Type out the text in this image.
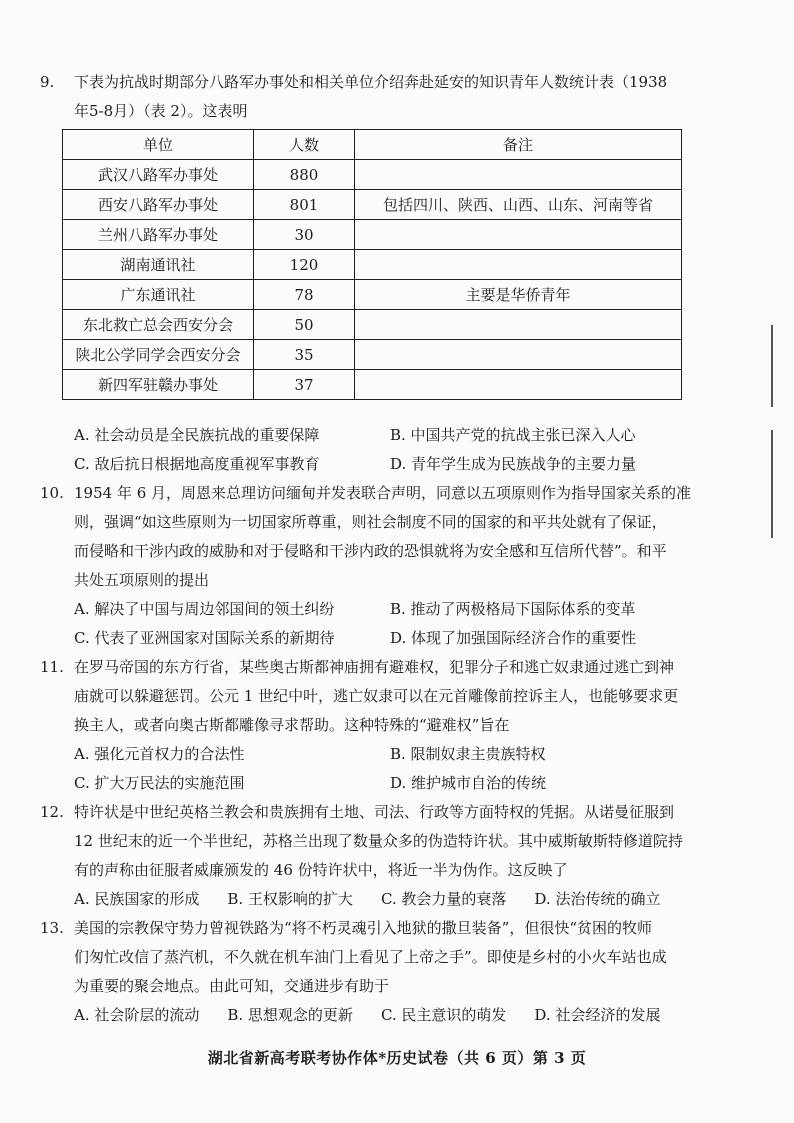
9. 下表为抗战时期部分八路军办事处和相关单位介绍奔赴延安的知识青年人数统计表（1938

年5-8月）（表 2）。这表明

单位	人数	备注
武汉八路军办事处	880	
西安八路军办事处	801	包括四川、陕西、山西、山东、河南等省
兰州八路军办事处	30	
湖南通讯社	120	
广东通讯社	78	主要是华侨青年
东北救亡总会西安分会	50	
陕北公学同学会西安分会	35	
新四军驻赣办事处	37	
A. 社会动员是全民族抗战的重要保障	B. 中国共产党的抗战主张已深入人心
C. 敌后抗日根据地高度重视军事教育	D. 青年学生成为民族战争的主要力量
10. 1954 年 6 月，周恩来总理访问缅甸并发表联合声明，同意以五项原则作为指导国家关系的准

则，强调“如这些原则为一切国家所尊重，则社会制度不同的国家的和平共处就有了保证，

而侵略和干涉内政的威胁和对于侵略和干涉内政的恐惧就将为安全感和互信所代替”。和平

共处五项原则的提出

A. 解决了中国与周边邻国间的领土纠纷	B. 推动了两极格局下国际体系的变革
C. 代表了亚洲国家对国际关系的新期待	D. 体现了加强国际经济合作的重要性
11. 在罗马帝国的东方行省，某些奥古斯都神庙拥有避难权，犯罪分子和逃亡奴隶通过逃亡到神

庙就可以躲避惩罚。公元 1 世纪中叶，逃亡奴隶可以在元首雕像前控诉主人，也能够要求更

换主人，或者向奥古斯都雕像寻求帮助。这种特殊的“避难权”旨在

A. 强化元首权力的合法性	B. 限制奴隶主贵族特权
C. 扩大万民法的实施范围	D. 维护城市自治的传统
12. 特许状是中世纪英格兰教会和贵族拥有土地、司法、行政等方面特权的凭据。从诺曼征服到

12 世纪末的近一个半世纪，苏格兰出现了数量众多的伪造特许状。其中威斯敏斯特修道院持

有的声称由征服者威廉颁发的 46 份特许状中，将近一半为伪作。这反映了

A. 民族国家的形成 B. 王权影响的扩大 C. 教会力量的衰落 D. 法治传统的确立
13. 美国的宗教保守势力曾视铁路为“将不朽灵魂引入地狱的撒旦装备”，但很快“贫困的牧师

们匆忙改信了蒸汽机，不久就在机车油门上看见了上帝之手”。即使是乡村的小火车站也成

为重要的聚会地点。由此可知，交通进步有助于

A. 社会阶层的流动 B. 思想观念的更新 C. 民主意识的萌发 D. 社会经济的发展
湖北省新高考联考协作体*历史试卷（共 6 页）第 3 页
